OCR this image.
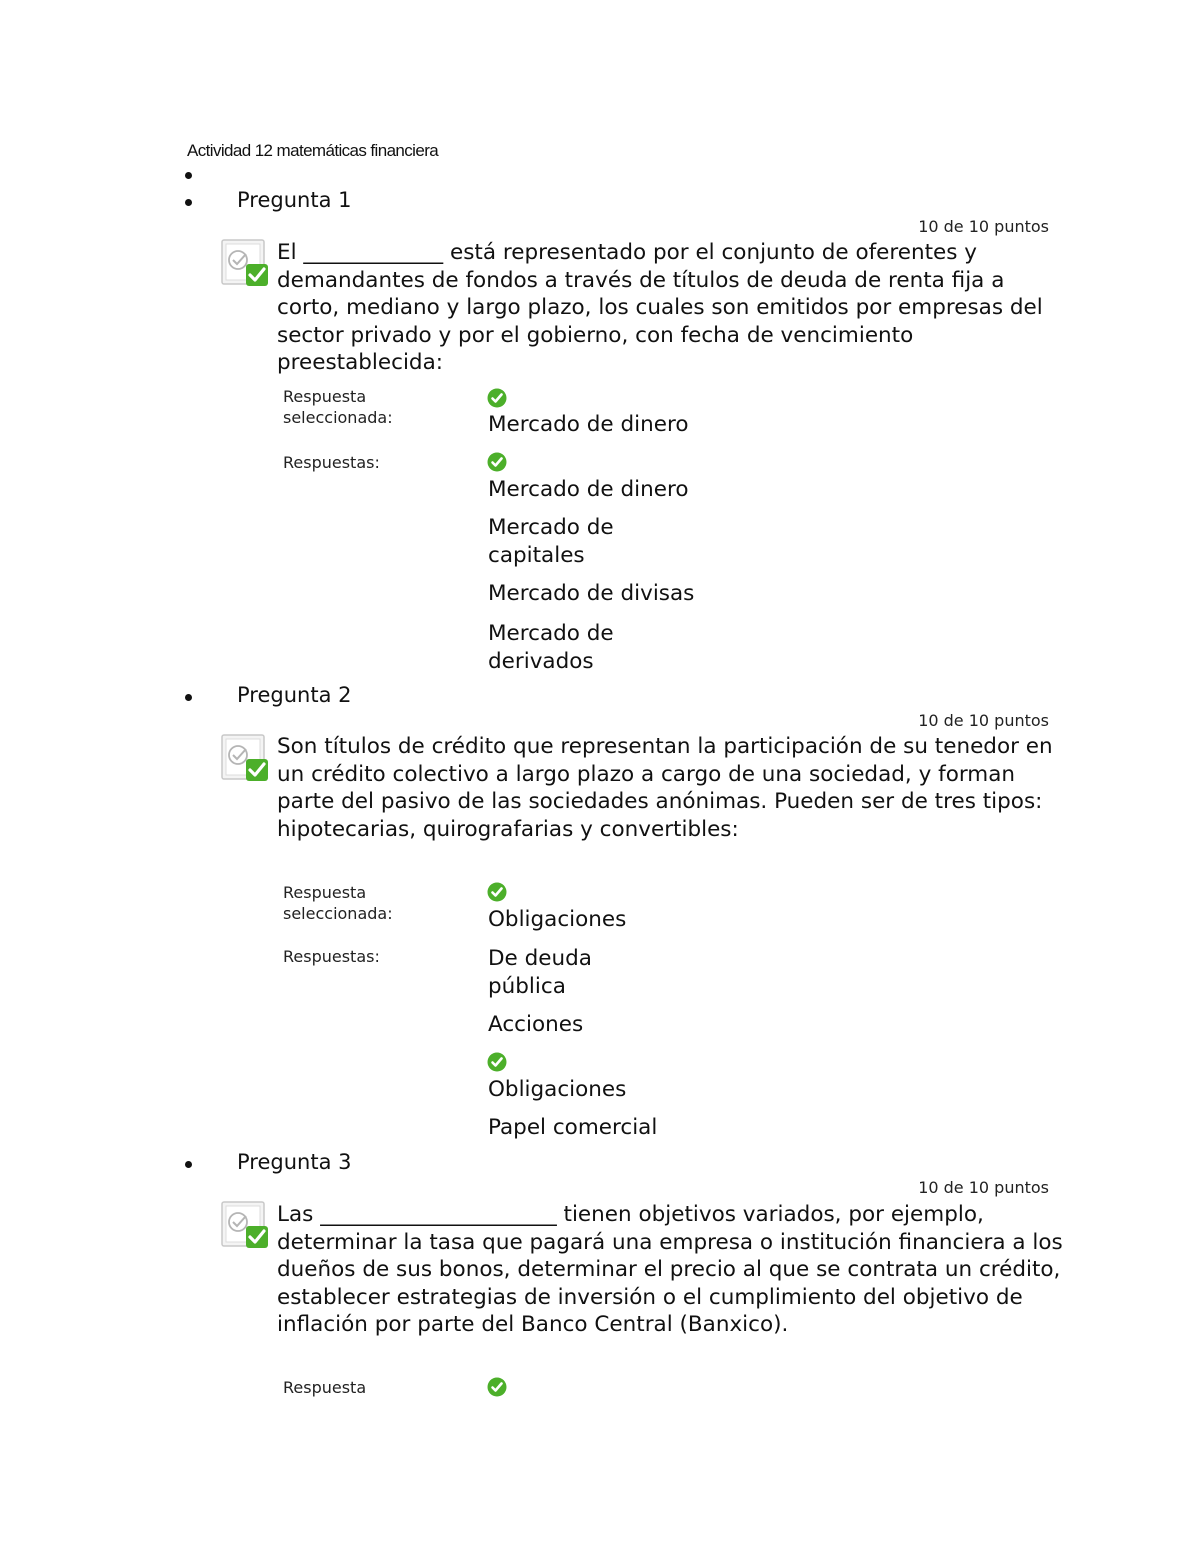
Actividad 12 matemáticas financiera
Pregunta 1
10 de 10 puntos
El _____________ está representado por el conjunto de oferentes y demandantes de fondos a través de títulos de deuda de renta fija a corto, mediano y largo plazo, los cuales son emitidos por empresas del sector privado y por el gobierno, con fecha de vencimiento preestablecida:
Respuesta seleccionada:	Mercado de dinero
Respuestas:
Mercado de dinero
Mercado de capitales
Mercado de divisas
Mercado de derivados
Pregunta 2
10 de 10 puntos
Son títulos de crédito que representan la participación de su tenedor en un crédito colectivo a largo plazo a cargo de una sociedad, y forman parte del pasivo de las sociedades anónimas. Pueden ser de tres tipos: hipotecarias, quirografarias y convertibles:
Respuesta seleccionada:	Obligaciones
Respuestas:	De deuda pública
Acciones
Obligaciones
Papel comercial
Pregunta 3
10 de 10 puntos
Las ______________________ tienen objetivos variados, por ejemplo, determinar la tasa que pagará una empresa o institución financiera a los dueños de sus bonos, determinar el precio al que se contrata un crédito, establecer estrategias de inversión o el cumplimiento del objetivo de inflación por parte del Banco Central (Banxico).
Respuesta
